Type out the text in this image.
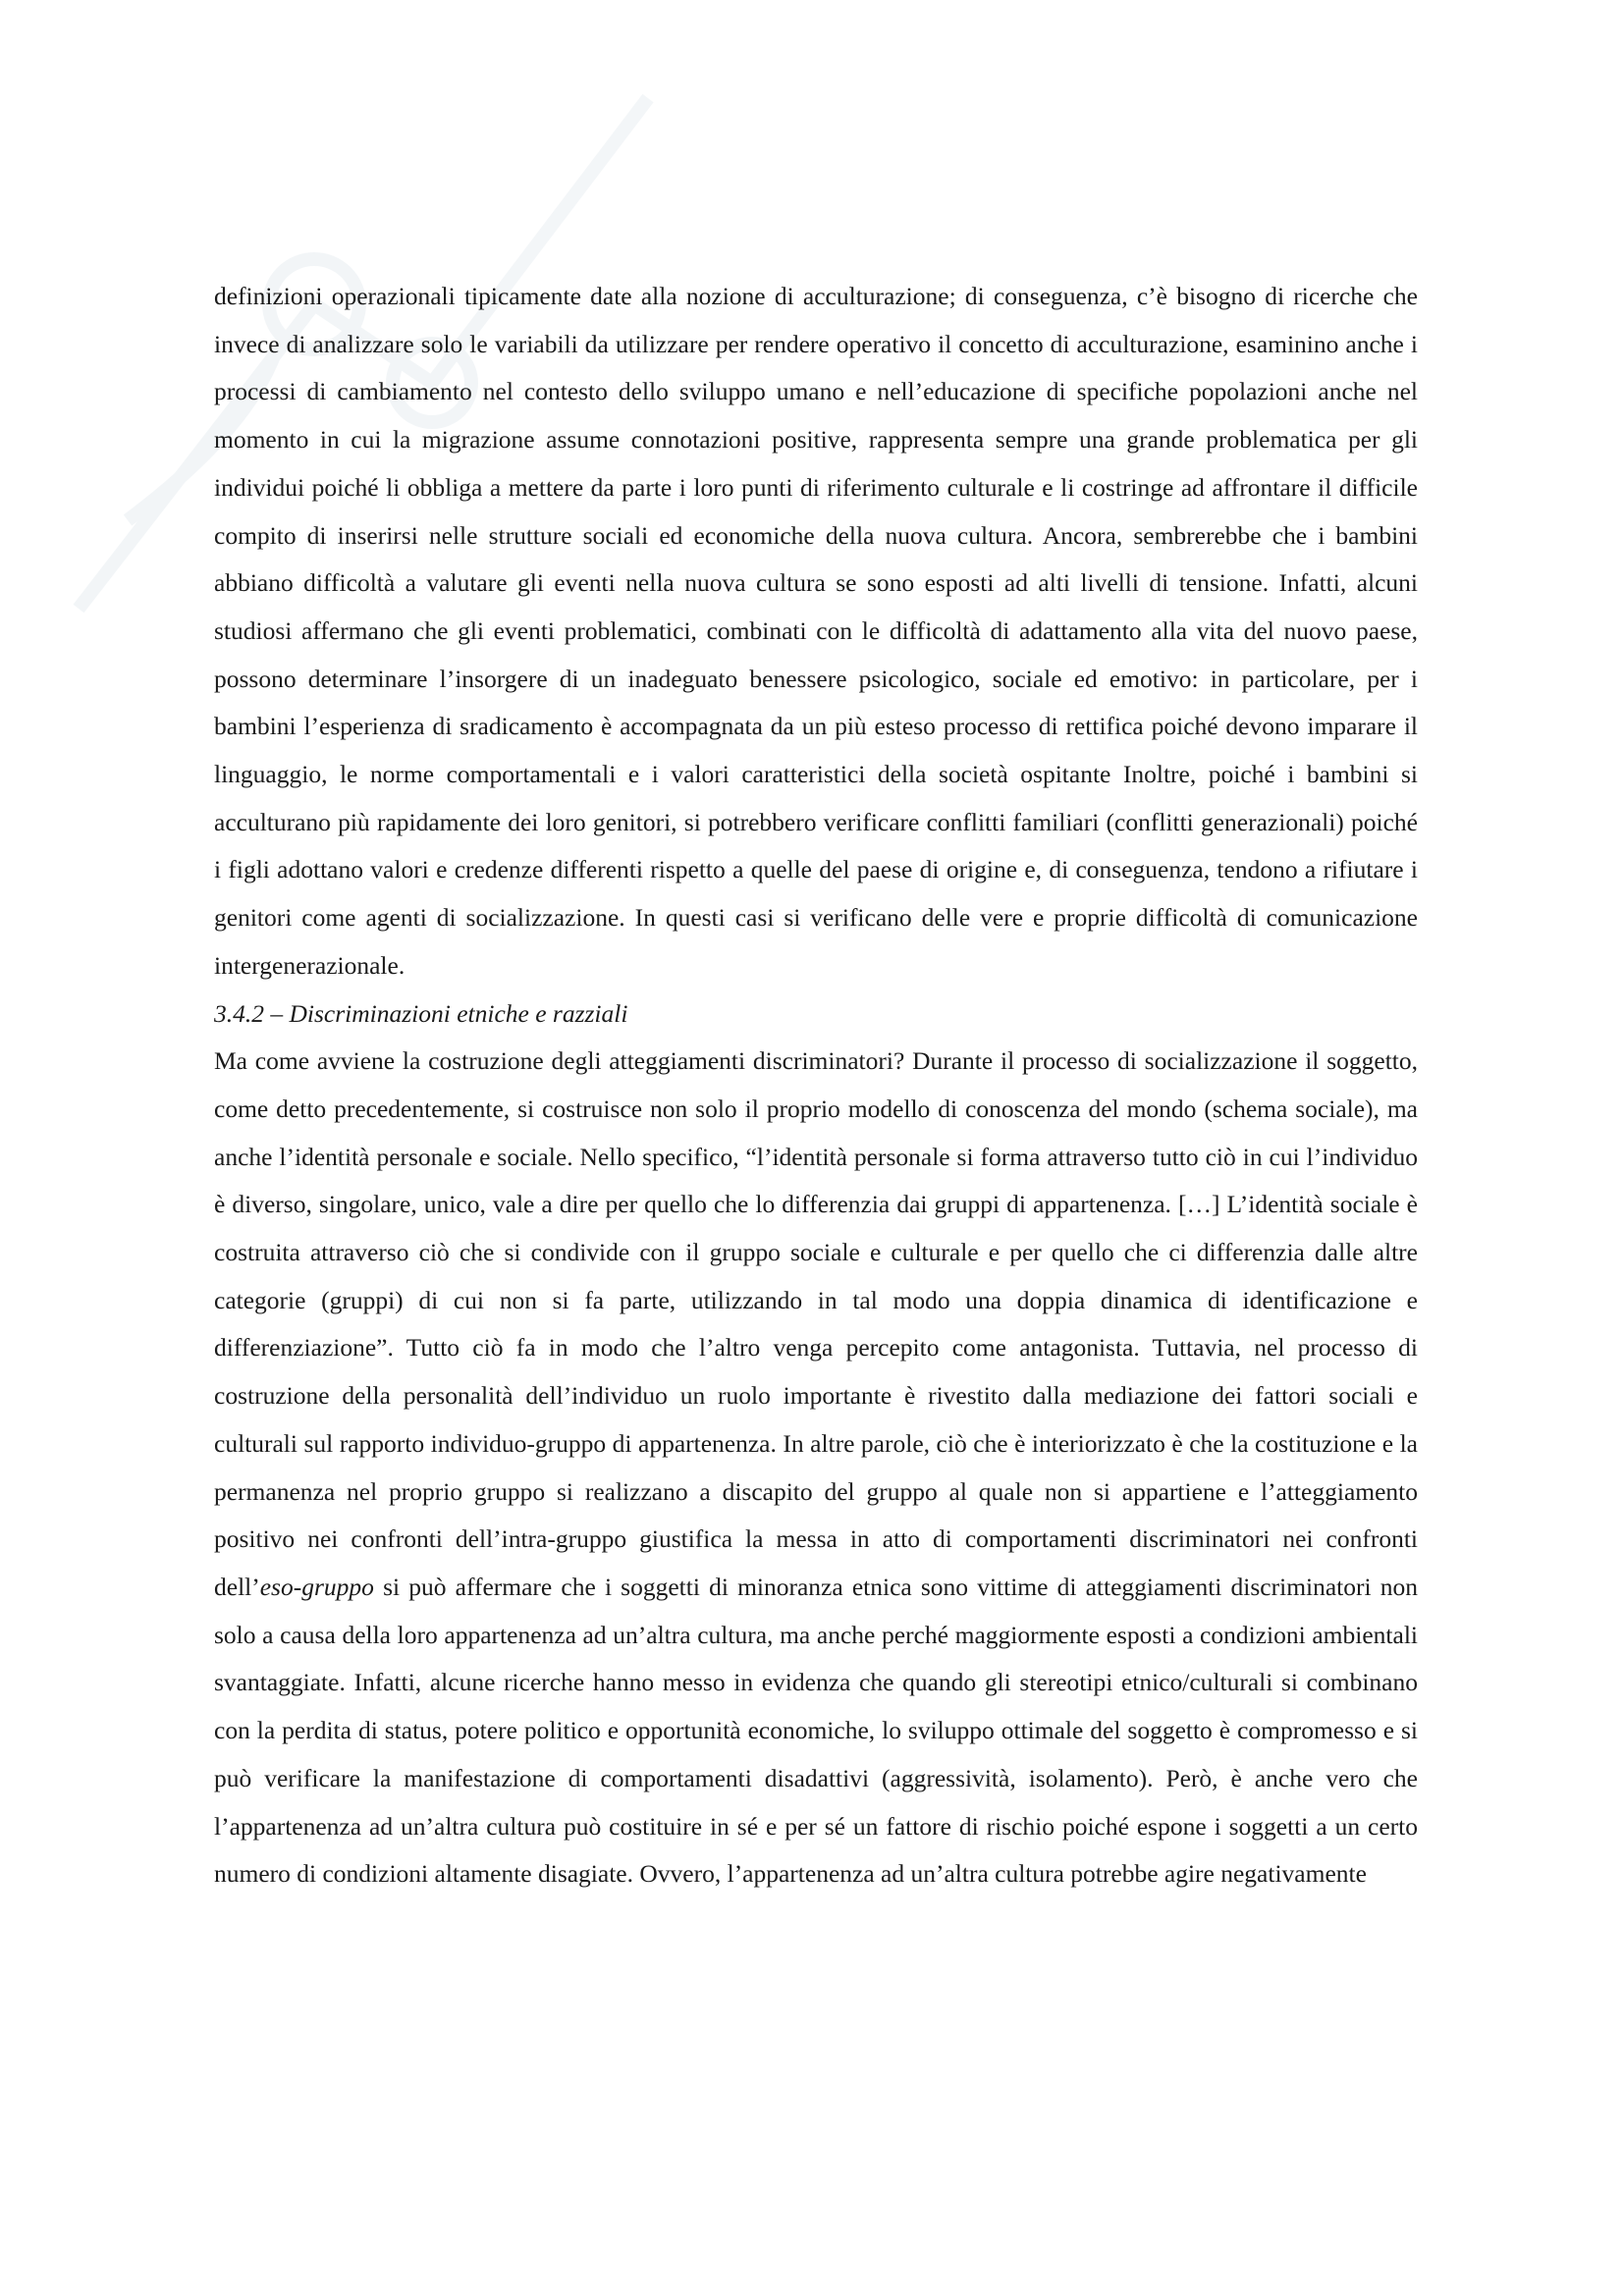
definizioni operazionali tipicamente date alla nozione di acculturazione; di conseguenza, c’è bisogno di ricerche che invece di analizzare solo le variabili da utilizzare per rendere operativo il concetto di acculturazione, esaminino anche i processi di cambiamento nel contesto dello sviluppo umano e nell’educazione di specifiche popolazioni anche nel momento in cui la migrazione assume connotazioni positive, rappresenta sempre una grande problematica per gli individui poiché li obbliga a mettere da parte i loro punti di riferimento culturale e li costringe ad affrontare il difficile compito di inserirsi nelle strutture sociali ed economiche della nuova cultura. Ancora, sembrerebbe che i bambini abbiano difficoltà a valutare gli eventi nella nuova cultura se sono esposti ad alti livelli di tensione. Infatti, alcuni studiosi affermano che gli eventi problematici, combinati con le difficoltà di adattamento alla vita del nuovo paese, possono determinare l’insorgere di un inadeguato benessere psicologico, sociale ed emotivo: in particolare, per i bambini l’esperienza di sradicamento è accompagnata da un più esteso processo di rettifica poiché devono imparare il linguaggio, le norme comportamentali e i valori caratteristici della società ospitante Inoltre, poiché i bambini si acculturano più rapidamente dei loro genitori, si potrebbero verificare conflitti familiari (conflitti generazionali) poiché i figli adottano valori e credenze differenti rispetto a quelle del paese di origine e, di conseguenza, tendono a rifiutare i genitori come agenti di socializzazione. In questi casi si verificano delle vere e proprie difficoltà di comunicazione intergenerazionale.

3.4.2 – Discriminazioni etniche e razziali

Ma come avviene la costruzione degli atteggiamenti discriminatori? Durante il processo di socializzazione il soggetto, come detto precedentemente, si costruisce non solo il proprio modello di conoscenza del mondo (schema sociale), ma anche l’identità personale e sociale. Nello specifico, “l’identità personale si forma attraverso tutto ciò in cui l’individuo è diverso, singolare, unico, vale a dire per quello che lo differenzia dai gruppi di appartenenza. […] L’identità sociale è costruita attraverso ciò che si condivide con il gruppo sociale e culturale e per quello che ci differenzia dalle altre categorie (gruppi) di cui non si fa parte, utilizzando in tal modo una doppia dinamica di identificazione e differenziazione”. Tutto ciò fa in modo che l’altro venga percepito come antagonista. Tuttavia, nel processo di costruzione della personalità dell’individuo un ruolo importante è rivestito dalla mediazione dei fattori sociali e culturali sul rapporto individuo-gruppo di appartenenza. In altre parole, ciò che è interiorizzato è che la costituzione e la permanenza nel proprio gruppo si realizzano a discapito del gruppo al quale non si appartiene e l’atteggiamento positivo nei confronti dell’intra-gruppo giustifica la messa in atto di comportamenti discriminatori nei confronti dell’eso-gruppo si può affermare che i soggetti di minoranza etnica sono vittime di atteggiamenti discriminatori non solo a causa della loro appartenenza ad un’altra cultura, ma anche perché maggiormente esposti a condizioni ambientali svantaggiate. Infatti, alcune ricerche hanno messo in evidenza che quando gli stereotipi etnico/culturali si combinano con la perdita di status, potere politico e opportunità economiche, lo sviluppo ottimale del soggetto è compromesso e si può verificare la manifestazione di comportamenti disadattivi (aggressività, isolamento). Però, è anche vero che l’appartenenza ad un’altra cultura può costituire in sé e per sé un fattore di rischio poiché espone i soggetti a un certo numero di condizioni altamente disagiate. Ovvero, l’appartenenza ad un’altra cultura potrebbe agire negativamente
